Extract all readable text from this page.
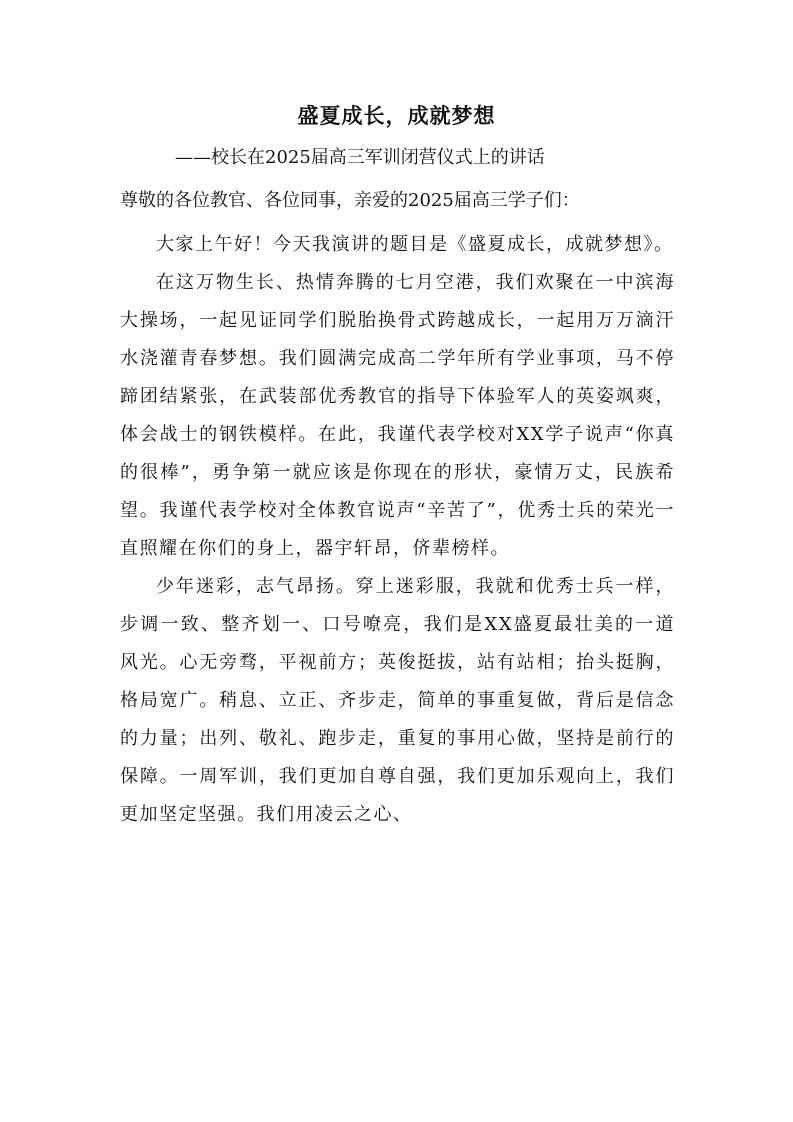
盛夏成长，成就梦想
——校长在2025届高三军训闭营仪式上的讲话
尊敬的各位教官、各位同事，亲爱的2025届高三学子们：

大家上午好！今天我演讲的题目是《盛夏成长，成就梦想》。

在这万物生长、热情奔腾的七月空港，我们欢聚在一中滨海大操场，一起见证同学们脱胎换骨式跨越成长，一起用万万滴汗水浇灌青春梦想。我们圆满完成高二学年所有学业事项，马不停蹄团结紧张，在武装部优秀教官的指导下体验军人的英姿飒爽，体会战士的钢铁模样。在此，我谨代表学校对XX学子说声“你真的很棒”，勇争第一就应该是你现在的形状，豪情万丈，民族希望。我谨代表学校对全体教官说声“辛苦了”，优秀士兵的荣光一直照耀在你们的身上，器宇轩昂，侪辈榜样。

少年迷彩，志气昂扬。穿上迷彩服，我就和优秀士兵一样，步调一致、整齐划一、口号嘹亮，我们是XX盛夏最壮美的一道风光。心无旁骛，平视前方；英俊挺拔，站有站相；抬头挺胸，格局宽广。稍息、立正、齐步走，简单的事重复做，背后是信念的力量；出列、敬礼、跑步走，重复的事用心做，坚持是前行的保障。一周军训，我们更加自尊自强，我们更加乐观向上，我们更加坚定坚强。我们用凌云之心、
